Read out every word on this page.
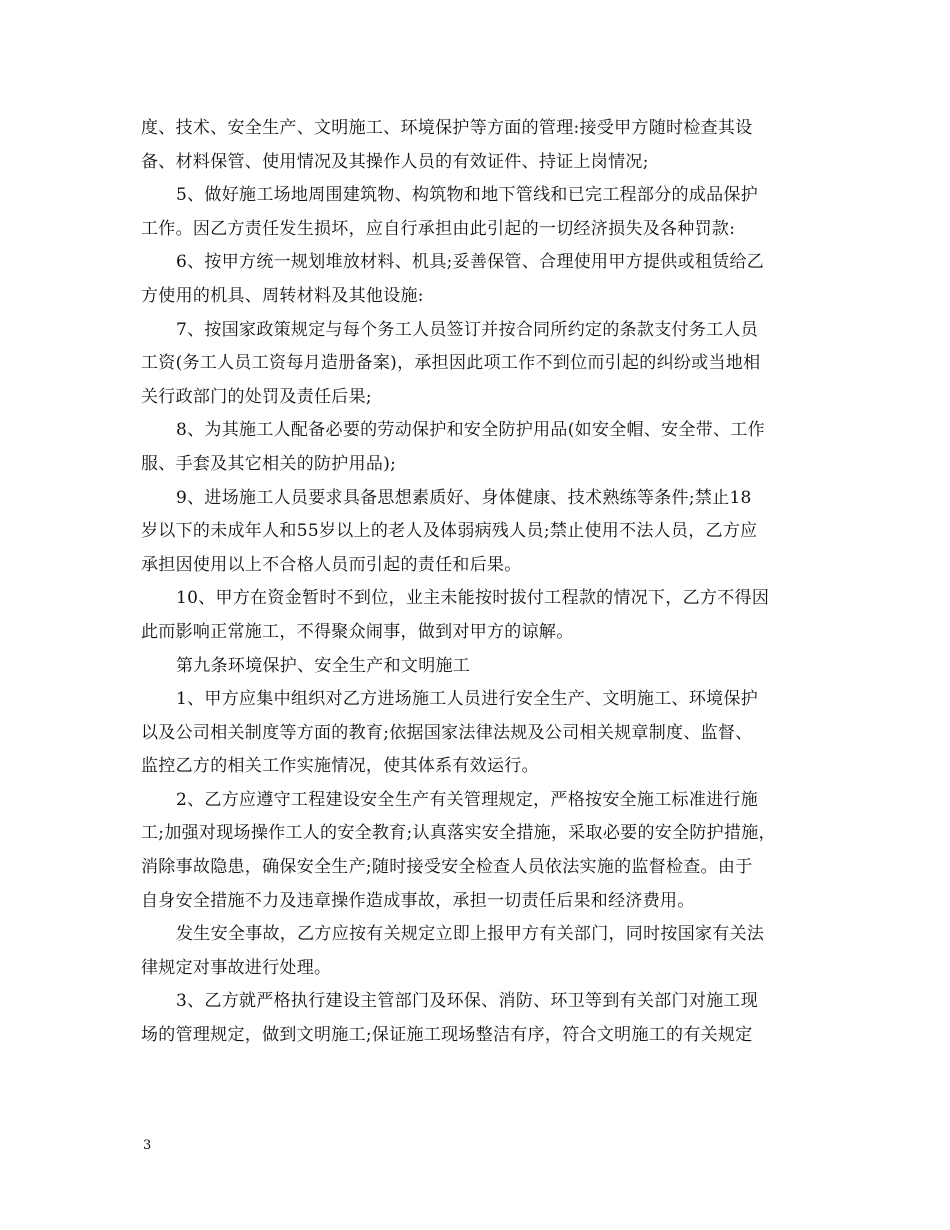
度、技术、安全生产、文明施工、环境保护等方面的管理:接受甲方随时检查其设
备、材料保管、使用情况及其操作人员的有效证件、持证上岗情况;
5、做好施工场地周围建筑物、构筑物和地下管线和已完工程部分的成品保护
工作。因乙方责任发生损坏，应自行承担由此引起的一切经济损失及各种罚款:
6、按甲方统一规划堆放材料、机具;妥善保管、合理使用甲方提供或租赁给乙
方使用的机具、周转材料及其他设施:
7、按国家政策规定与每个务工人员签订并按合同所约定的条款支付务工人员
工资(务工人员工资每月造册备案)，承担因此项工作不到位而引起的纠纷或当地相
关行政部门的处罚及责任后果;
8、为其施工人配备必要的劳动保护和安全防护用品(如安全帽、安全带、工作
服、手套及其它相关的防护用品);
9、进场施工人员要求具备思想素质好、身体健康、技术熟练等条件;禁止18
岁以下的未成年人和55岁以上的老人及体弱病残人员;禁止使用不法人员，乙方应
承担因使用以上不合格人员而引起的责任和后果。
10、甲方在资金暂时不到位，业主未能按时拔付工程款的情况下，乙方不得因
此而影响正常施工，不得聚众闹事，做到对甲方的谅解。
第九条环境保护、安全生产和文明施工
1、甲方应集中组织对乙方进场施工人员进行安全生产、文明施工、环境保护
以及公司相关制度等方面的教育;依据国家法律法规及公司相关规章制度、监督、
监控乙方的相关工作实施情况，使其体系有效运行。
2、乙方应遵守工程建设安全生产有关管理规定，严格按安全施工标准进行施
工;加强对现场操作工人的安全教育;认真落实安全措施，采取必要的安全防护措施，
消除事故隐患，确保安全生产;随时接受安全检查人员依法实施的监督检查。由于
自身安全措施不力及违章操作造成事故，承担一切责任后果和经济费用。
发生安全事故，乙方应按有关规定立即上报甲方有关部门，同时按国家有关法
律规定对事故进行处理。
3、乙方就严格执行建设主管部门及环保、消防、环卫等到有关部门对施工现
场的管理规定，做到文明施工;保证施工现场整洁有序，符合文明施工的有关规定
3
